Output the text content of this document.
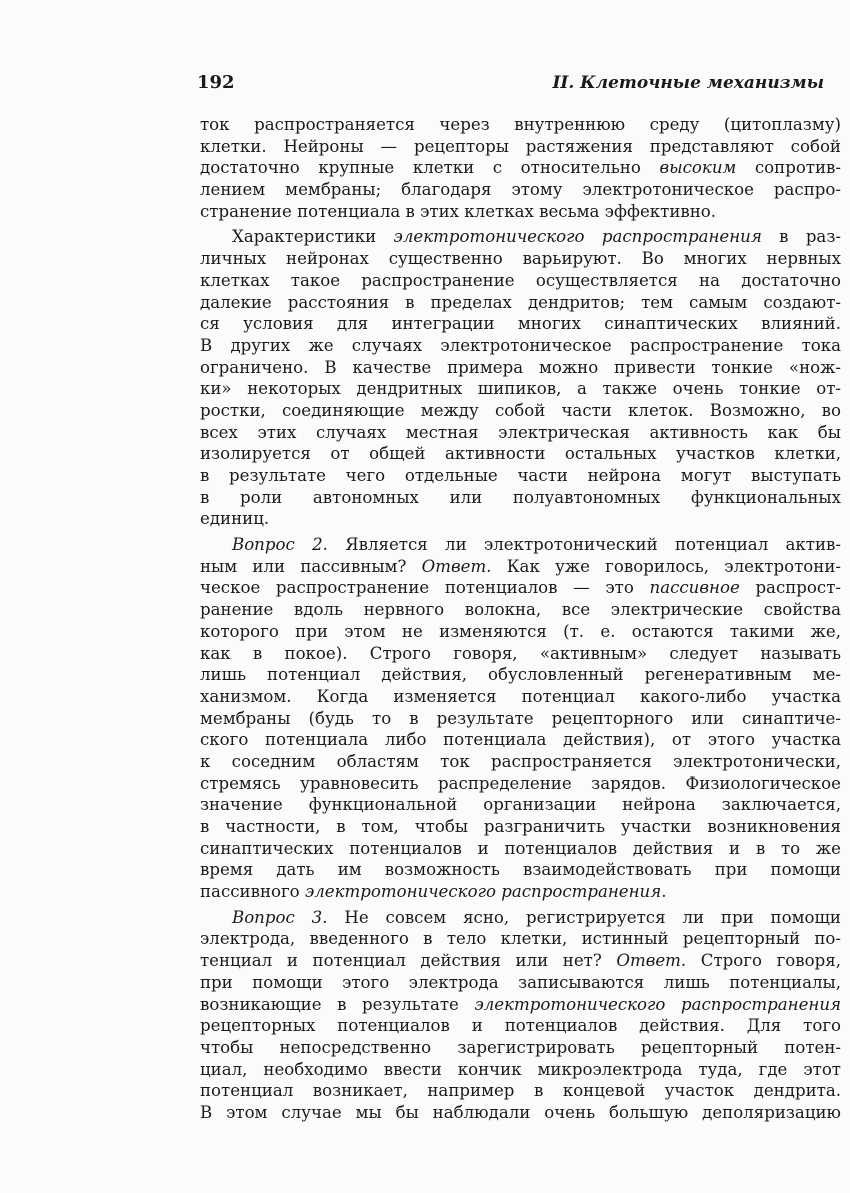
192	II. Клеточные механизмы
ток распространяется через внутреннюю среду (цитоплазму)
клетки. Нейроны — рецепторы растяжения представляют собой
достаточно крупные клетки с относительно высоким сопротив-
лением мембраны; благодаря этому электротоническое распро-
странение потенциала в этих клетках весьма эффективно.
Характеристики электротонического распространения в раз-
личных нейронах существенно варьируют. Во многих нервных
клетках такое распространение осуществляется на достаточно
далекие расстояния в пределах дендритов; тем самым создают-
ся условия для интеграции многих синаптических влияний.
В других же случаях электротоническое распространение тока
ограничено. В качестве примера можно привести тонкие «нож-
ки» некоторых дендритных шипиков, а также очень тонкие от-
ростки, соединяющие между собой части клеток. Возможно, во
всех этих случаях местная электрическая активность как бы
изолируется от общей активности остальных участков клетки,
в результате чего отдельные части нейрона могут выступать
в роли автономных или полуавтономных функциональных
единиц.
Вопрос 2. Является ли электротонический потенциал актив-
ным или пассивным? Ответ. Как уже говорилось, электротони-
ческое распространение потенциалов — это пассивное распрост-
ранение вдоль нервного волокна, все электрические свойства
которого при этом не изменяются (т. е. остаются такими же,
как в покое). Строго говоря, «активным» следует называть
лишь потенциал действия, обусловленный регенеративным ме-
ханизмом. Когда изменяется потенциал какого-либо участка
мембраны (будь то в результате рецепторного или синаптиче-
ского потенциала либо потенциала действия), от этого участка
к соседним областям ток распространяется электротонически,
стремясь уравновесить распределение зарядов. Физиологическое
значение функциональной организации нейрона заключается,
в частности, в том, чтобы разграничить участки возникновения
синаптических потенциалов и потенциалов действия и в то же
время дать им возможность взаимодействовать при помощи
пассивного электротонического распространения.
Вопрос 3. Не совсем ясно, регистрируется ли при помощи
электрода, введенного в тело клетки, истинный рецепторный по-
тенциал и потенциал действия или нет? Ответ. Строго говоря,
при помощи этого электрода записываются лишь потенциалы,
возникающие в результате электротонического распространения
рецепторных потенциалов и потенциалов действия. Для того
чтобы непосредственно зарегистрировать рецепторный потен-
циал, необходимо ввести кончик микроэлектрода туда, где этот
потенциал возникает, например в концевой участок дендрита.
В этом случае мы бы наблюдали очень большую деполяризацию
